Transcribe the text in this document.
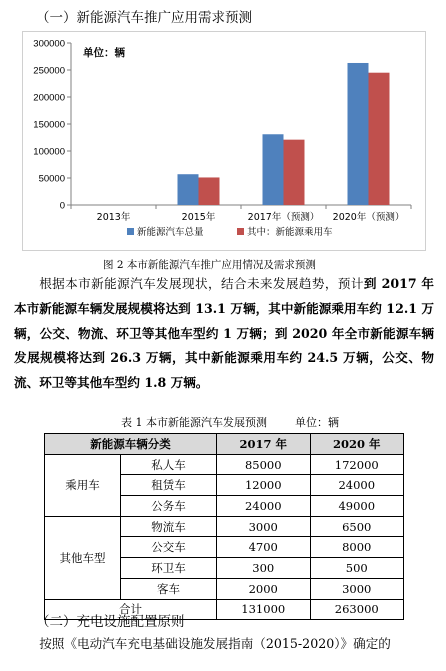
（一）新能源汽车推广应用需求预测
0
50000
100000
150000
200000
250000
300000
单位：辆
2013年	2015年	2017年（预测） 2020年（预测）
新能源汽车总量	其中：新能源乘用车
图 2 本市新能源汽车推广应用情况及需求预测

根据本市新能源汽车发展现状，结合未来发展趋势，预计到 2017 年本市新能源车辆发展规模将达到 13.1 万辆，其中新能源乘用车约 12.1 万辆，公交、物流、环卫等其他车型约 1 万辆；到 2020 年全市新能源车辆发展规模将达到 26.3 万辆，其中新能源乘用车约 24.5 万辆，公交、物流、环卫等其他车型约 1.8 万辆。

表 1 本市新能源汽车发展预测        单位：辆
新能源车辆分类		2017 年	2020 年
乘用车	私人车	85000	172000
	租赁车	12000	24000
	公务车	24000	49000
其他车型	物流车	3000	6500
	公交车	4700	8000
	环卫车	300	500
	客车	2000	3000
合计		131000	263000
（二）充电设施配置原则

按照《电动汽车充电基础设施发展指南（2015-2020）》确定的
